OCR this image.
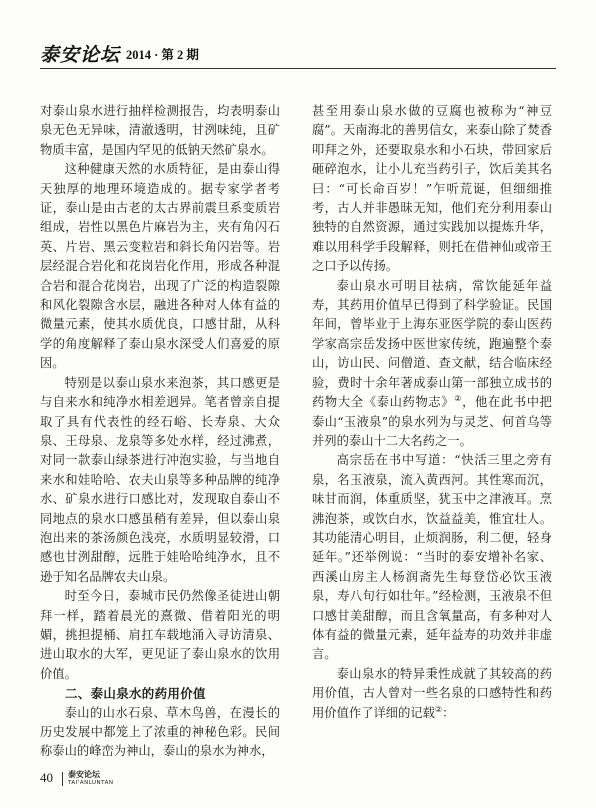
泰安论坛 2014 · 第 2 期

对泰山泉水进行抽样检测报告，均表明泰山泉无色无异味，清澈透明，甘洌味纯，且矿物质丰富，是国内罕见的低钠天然矿泉水。

这种健康天然的水质特征，是由泰山得天独厚的地理环境造成的。据专家学者考证，泰山是由古老的太古界前震旦系变质岩组成，岩性以黑色片麻岩为主，夹有角闪石英、片岩、黑云变粒岩和斜长角闪岩等。岩层经混合岩化和花岗岩化作用，形成各种混合岩和混合花岗岩，出现了广泛的构造裂隙和风化裂隙含水层，融进各种对人体有益的微量元素，使其水质优良，口感甘甜，从科学的角度解释了泰山泉水深受人们喜爱的原因。

特别是以泰山泉水来泡茶，其口感更是与自来水和纯净水相差迥异。笔者曾亲自提取了具有代表性的经石峪、长寿泉、大众泉、王母泉、龙泉等多处水样，经过沸煮，对同一款泰山绿茶进行冲泡实验，与当地自来水和娃哈哈、农夫山泉等多种品牌的纯净水、矿泉水进行口感比对，发现取自泰山不同地点的泉水口感虽稍有差异，但以泰山泉泡出来的茶汤颜色浅亮，水质明显较滑，口感也甘洌甜醇，远胜于娃哈哈纯净水，且不逊于知名品牌农夫山泉。

时至今日，泰城市民仍然像圣徒进山朝拜一样，踏着晨光的熹微、借着阳光的明媚，挑担提桶、肩扛车载地涌入寻访清泉、进山取水的大军，更见证了泰山泉水的饮用价值。

二、泰山泉水的药用价值

泰山的山水石泉、草木鸟兽，在漫长的历史发展中都笼上了浓重的神秘色彩。民间称泰山的峰峦为神山，泰山的泉水为神水，

甚至用泰山泉水做的豆腐也被称为“神豆腐”。天南海北的善男信女，来泰山除了焚香叩拜之外，还要取泉水和小石块，带回家后砸碎泡水，让小儿充当药引子，饮后美其名曰：“可长命百岁！”乍听荒诞，但细细推考，古人并非愚昧无知，他们充分利用泰山独特的自然资源，通过实践加以提炼升华，难以用科学手段解释，则托在借神仙或帝王之口予以传扬。

泰山泉水可明目祛病，常饮能延年益寿，其药用价值早已得到了科学验证。民国年间，曾毕业于上海东亚医学院的泰山医药学家高宗岳发扬中医世家传统，跑遍整个泰山，访山民、问僧道、查文献，结合临床经验，费时十余年著成泰山第一部独立成书的药物大全《泰山药物志》②，他在此书中把泰山“玉液泉”的泉水列为与灵芝、何首乌等并列的泰山十二大名药之一。

高宗岳在书中写道：“快活三里之旁有泉，名玉液泉，流入黄西河。其性寒而沉，味甘而润，体重质坚，犹玉中之津液耳。烹沸泡茶，或饮白水，饮益益美，惟宜壮人。其功能清心明目，止烦润肠，利二便，轻身延年。”还举例说：“当时的泰安增补名家、西溪山房主人杨润斋先生每登岱必饮玉液泉，寿八旬行如壮年。”经检测，玉液泉不但口感甘美甜醇，而且含氧量高，有多种对人体有益的微量元素，延年益寿的功效并非虚言。

泰山泉水的特异秉性成就了其较高的药用价值，古人曾对一些名泉的口感特性和药用价值作了详细的记载②：

40 泰安论坛
TAI'ANLUNTAN
